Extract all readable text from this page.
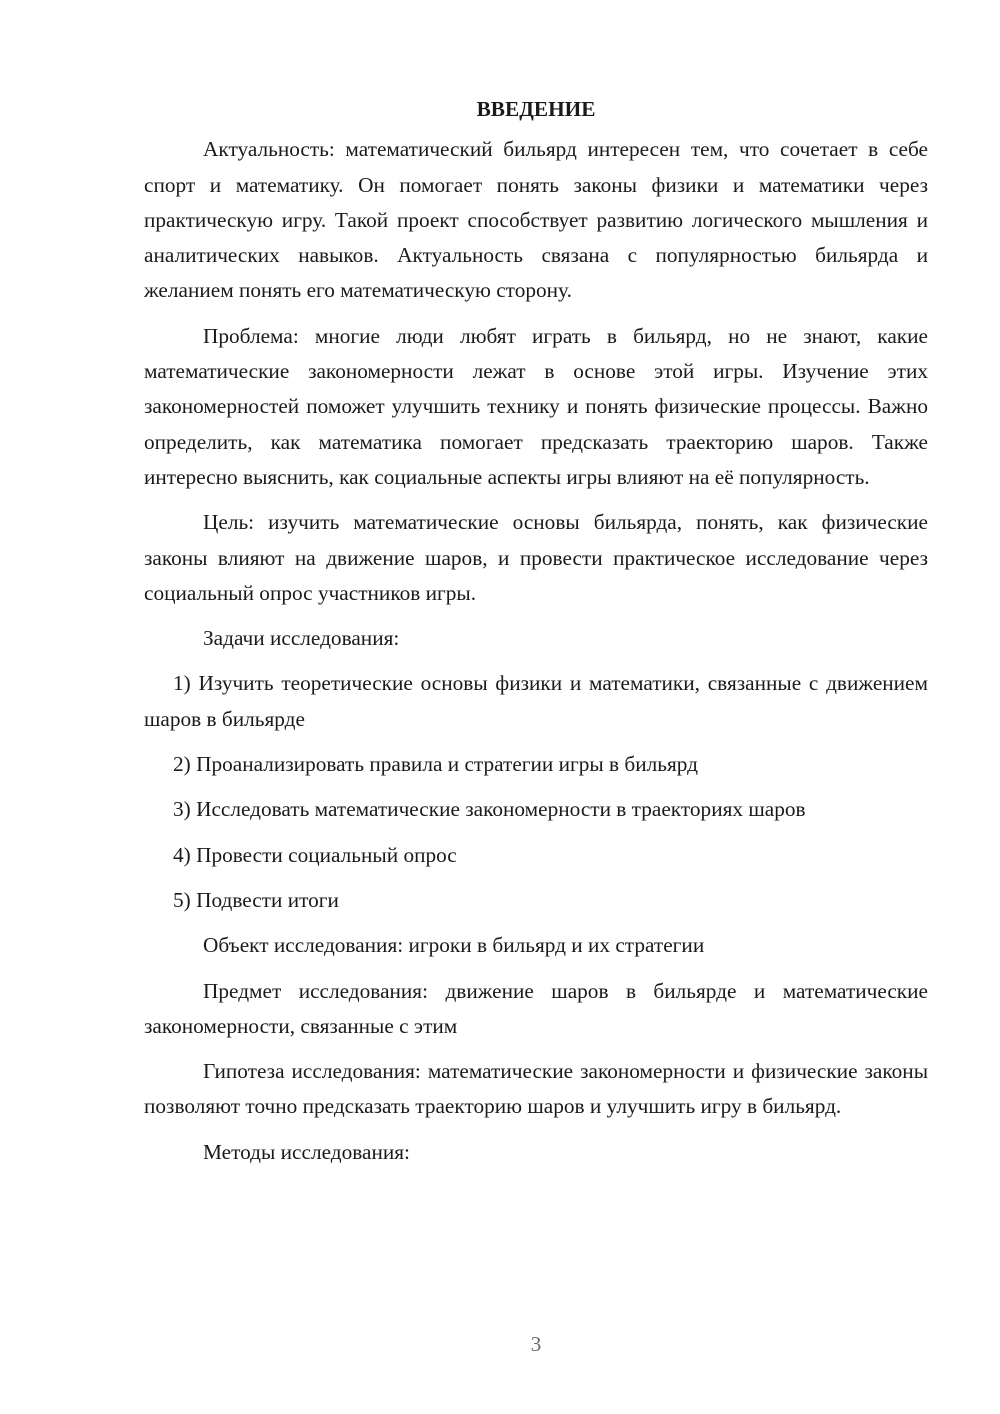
ВВЕДЕНИЕ

Актуальность: математический бильярд интересен тем, что сочетает в себе спорт и математику. Он помогает понять законы физики и математики через практическую игру. Такой проект способствует развитию логического мышления и аналитических навыков. Актуальность связана с популярностью бильярда и желанием понять его математическую сторону.

Проблема: многие люди любят играть в бильярд, но не знают, какие математические закономерности лежат в основе этой игры. Изучение этих закономерностей поможет улучшить технику и понять физические процессы. Важно определить, как математика помогает предсказать траекторию шаров. Также интересно выяснить, как социальные аспекты игры влияют на её популярность.

Цель: изучить математические основы бильярда, понять, как физические законы влияют на движение шаров, и провести практическое исследование через социальный опрос участников игры.

Задачи исследования:

1) Изучить теоретические основы физики и математики, связанные с движением шаров в бильярде

2) Проанализировать правила и стратегии игры в бильярд

3) Исследовать математические закономерности в траекториях шаров

4) Провести социальный опрос

5) Подвести итоги

Объект исследования: игроки в бильярд и их стратегии

Предмет исследования: движение шаров в бильярде и математические закономерности, связанные с этим

Гипотеза исследования: математические закономерности и физические законы позволяют точно предсказать траекторию шаров и улучшить игру в бильярд.

Методы исследования:

3
